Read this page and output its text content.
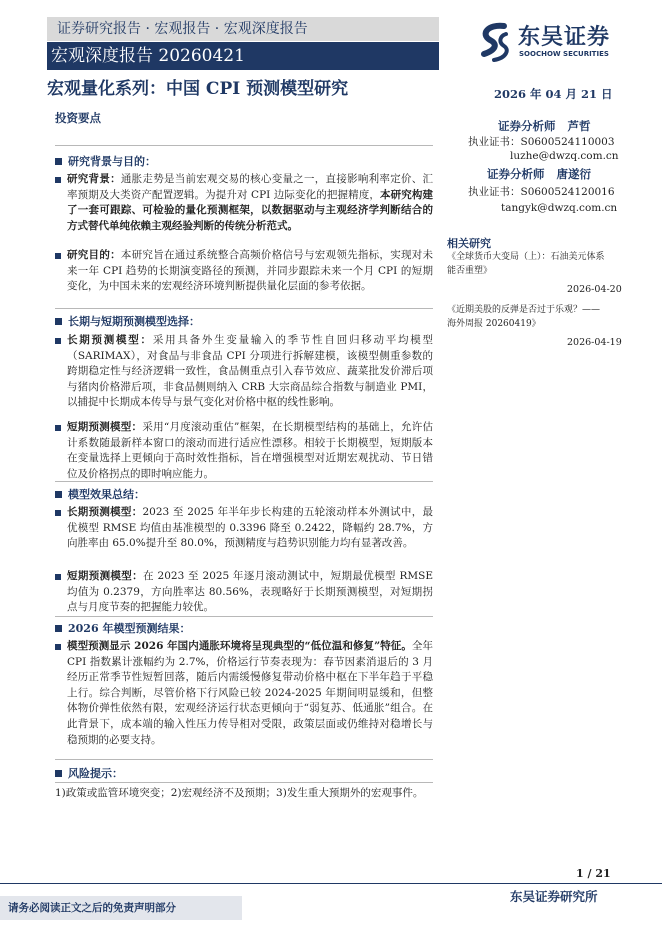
证券研究报告 · 宏观报告 · 宏观深度报告
宏观深度报告 20260421
东吴证券
SOOCHOW SECURITIES
宏观量化系列：中国 CPI 预测模型研究	2026 年 04 月 21 日
投资要点
证券分析师 芦哲
执业证书：S0600524110003
luzhe@dwzq.com.cn
证券分析师 唐遂衍
执业证书：S0600524120016
tangyk@dwzq.com.cn
相关研究
《全球货币大变局（上）：石油美元体系能否重塑》
2026-04-20
《近期美股的反弹是否过于乐观？——海外周报 20260419》
2026-04-19
研究背景与目的：
研究背景：通胀走势是当前宏观交易的核心变量之一，直接影响利率定价、汇率预期及大类资产配置逻辑。为提升对 CPI 边际变化的把握精度，本研究构建了一套可跟踪、可检验的量化预测框架，以数据驱动与主观经济学判断结合的方式替代单纯依赖主观经验判断的传统分析范式。
研究目的：本研究旨在通过系统整合高频价格信号与宏观领先指标，实现对未来一年 CPI 趋势的长期演变路径的预测，并同步跟踪未来一个月 CPI 的短期变化，为中国未来的宏观经济环境判断提供量化层面的参考依据。
长期与短期预测模型选择：
长期预测模型：采用具备外生变量输入的季节性自回归移动平均模型（SARIMAX），对食品与非食品 CPI 分项进行拆解建模，该模型侧重参数的跨期稳定性与经济逻辑一致性，食品侧重点引入春节效应、蔬菜批发价滞后项与猪肉价格滞后项，非食品侧则纳入 CRB 大宗商品综合指数与制造业 PMI，以捕捉中长期成本传导与景气变化对价格中枢的线性影响。
短期预测模型：采用“月度滚动重估”框架，在长期模型结构的基础上，允许估计系数随最新样本窗口的滚动而进行适应性漂移。相较于长期模型，短期版本在变量选择上更倾向于高时效性指标，旨在增强模型对近期宏观扰动、节日错位及价格拐点的即时响应能力。
模型效果总结：
长期预测模型：2023 至 2025 年半年步长构建的五轮滚动样本外测试中，最优模型 RMSE 均值由基准模型的 0.3396 降至 0.2422，降幅约 28.7%，方向胜率由 65.0%提升至 80.0%，预测精度与趋势识别能力均有显著改善。
短期预测模型：在 2023 至 2025 年逐月滚动测试中，短期最优模型 RMSE 均值为 0.2379，方向胜率达 80.56%，表现略好于长期预测模型，对短期拐点与月度节奏的把握能力较优。
2026 年模型预测结果：
模型预测显示 2026 年国内通胀环境将呈现典型的“低位温和修复”特征。全年 CPI 指数累计涨幅约为 2.7%，价格运行节奏表现为：春节因素消退后的 3 月经历正常季节性短暂回落，随后内需缓慢修复带动价格中枢在下半年趋于平稳上行。综合判断，尽管价格下行风险已较 2024-2025 年期间明显缓和，但整体物价弹性依然有限，宏观经济运行状态更倾向于“弱复苏、低通胀”组合。在此背景下，成本端的输入性压力传导相对受限，政策层面或仍维持对稳增长与稳预期的必要支持。
风险提示：
1)政策或监管环境突变；2)宏观经济不及预期；3)发生重大预期外的宏观事件。
1 / 21
东吴证券研究所
请务必阅读正文之后的免责声明部分
